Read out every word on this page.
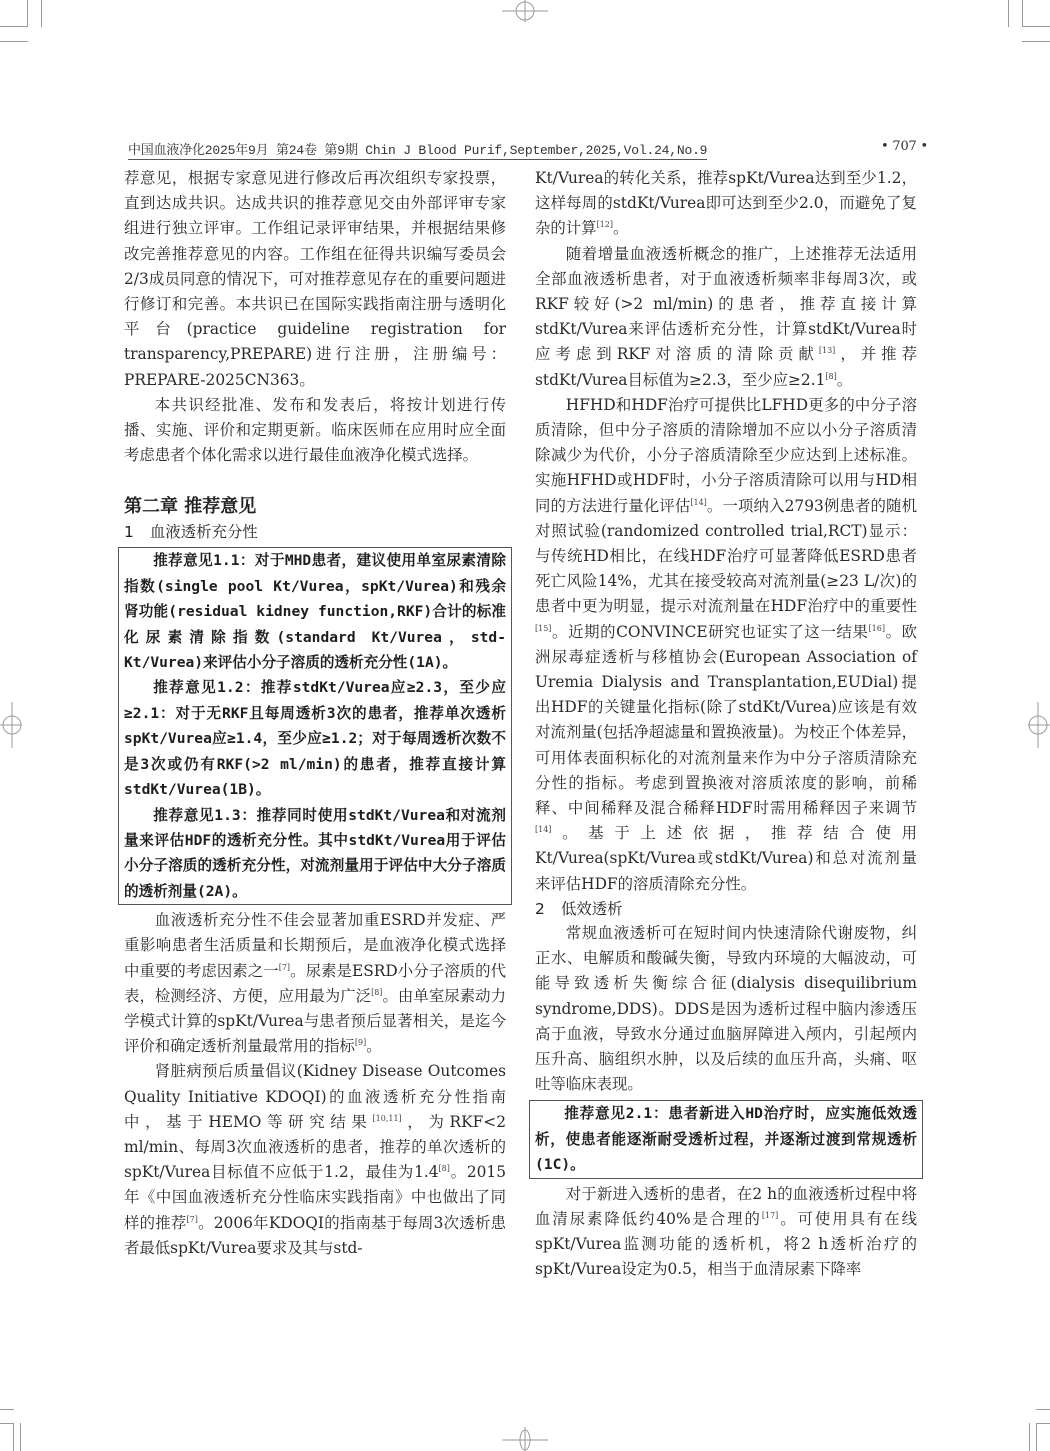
中国血液净化2025年9月 第24卷 第9期 Chin J Blood Purif,September,2025,Vol.24,No.9	• 707 •

荐意见，根据专家意见进行修改后再次组织专家投票，直到达成共识。达成共识的推荐意见交由外部评审专家组进行独立评审。工作组记录评审结果，并根据结果修改完善推荐意见的内容。工作组在征得共识编写委员会2/3成员同意的情况下，可对推荐意见存在的重要问题进行修订和完善。本共识已在国际实践指南注册与透明化平台(practice guideline registration for transparency,PREPARE)进行注册，注册编号：PREPARE-2025CN363。

本共识经批准、发布和发表后，将按计划进行传播、实施、评价和定期更新。临床医师在应用时应全面考虑患者个体化需求以进行最佳血液净化模式选择。

第二章 推荐意见
1 血液透析充分性

推荐意见1.1：对于MHD患者，建议使用单室尿素清除指数(single pool Kt/Vurea，spKt/Vurea)和残余肾功能(residual kidney function,RKF)合计的标准化尿素清除指数(standard Kt/Vurea，std-Kt/Vurea)来评估小分子溶质的透析充分性(1A)。

推荐意见1.2：推荐stdKt/Vurea应≥2.3，至少应≥2.1：对于无RKF且每周透析3次的患者，推荐单次透析spKt/Vurea应≥1.4，至少应≥1.2；对于每周透析次数不是3次或仍有RKF(>2 ml/min)的患者，推荐直接计算stdKt/Vurea(1B)。

推荐意见1.3：推荐同时使用stdKt/Vurea和对流剂量来评估HDF的透析充分性。其中stdKt/Vurea用于评估小分子溶质的透析充分性，对流剂量用于评估中大分子溶质的透析剂量(2A)。

血液透析充分性不佳会显著加重ESRD并发症、严重影响患者生活质量和长期预后，是血液净化模式选择中重要的考虑因素之一[7]。尿素是ESRD小分子溶质的代表，检测经济、方便，应用最为广泛[8]。由单室尿素动力学模式计算的spKt/Vurea与患者预后显著相关，是迄今评价和确定透析剂量最常用的指标[9]。

肾脏病预后质量倡议(Kidney Disease Outcomes Quality Initiative KDOQI)的血液透析充分性指南中，基于HEMO等研究结果[10,11]，为RKF<2 ml/min、每周3次血液透析的患者，推荐的单次透析的spKt/Vurea目标值不应低于1.2，最佳为1.4[8]。2015年《中国血液透析充分性临床实践指南》中也做出了同样的推荐[7]。2006年KDOQI的指南基于每周3次透析患者最低spKt/Vurea要求及其与std-

Kt/Vurea的转化关系，推荐spKt/Vurea达到至少1.2，这样每周的stdKt/Vurea即可达到至少2.0，而避免了复杂的计算[12]。

随着增量血液透析概念的推广，上述推荐无法适用全部血液透析患者，对于血液透析频率非每周3次，或RKF较好(>2 ml/min)的患者，推荐直接计算stdKt/Vurea来评估透析充分性，计算stdKt/Vurea时应考虑到RKF对溶质的清除贡献[13]，并推荐stdKt/Vurea目标值为≥2.3，至少应≥2.1[8]。

HFHD和HDF治疗可提供比LFHD更多的中分子溶质清除，但中分子溶质的清除增加不应以小分子溶质清除减少为代价，小分子溶质清除至少应达到上述标准。实施HFHD或HDF时，小分子溶质清除可以用与HD相同的方法进行量化评估[14]。一项纳入2793例患者的随机对照试验(randomized controlled trial,RCT)显示：与传统HD相比，在线HDF治疗可显著降低ESRD患者死亡风险14%，尤其在接受较高对流剂量(≥23 L/次)的患者中更为明显，提示对流剂量在HDF治疗中的重要性[15]。近期的CONVINCE研究也证实了这一结果[16]。欧洲尿毒症透析与移植协会(European Association of Uremia Dialysis and Transplantation,EUDial)提出HDF的关键量化指标(除了stdKt/Vurea)应该是有效对流剂量(包括净超滤量和置换液量)。为校正个体差异，可用体表面积标化的对流剂量来作为中分子溶质清除充分性的指标。考虑到置换液对溶质浓度的影响，前稀释、中间稀释及混合稀释HDF时需用稀释因子来调节[14]。基于上述依据，推荐结合使用Kt/Vurea(spKt/Vurea或stdKt/Vurea)和总对流剂量来评估HDF的溶质清除充分性。

2 低效透析

常规血液透析可在短时间内快速清除代谢废物，纠正水、电解质和酸碱失衡，导致内环境的大幅波动，可能导致透析失衡综合征(dialysis disequilibrium syndrome,DDS)。DDS是因为透析过程中脑内渗透压高于血液，导致水分通过血脑屏障进入颅内，引起颅内压升高、脑组织水肿，以及后续的血压升高，头痛、呕吐等临床表现。

推荐意见2.1：患者新进入HD治疗时，应实施低效透析，使患者能逐渐耐受透析过程，并逐渐过渡到常规透析(1C)。

对于新进入透析的患者，在2 h的血液透析过程中将血清尿素降低约40%是合理的[17]。可使用具有在线spKt/Vurea监测功能的透析机，将2 h透析治疗的spKt/Vurea设定为0.5，相当于血清尿素下降率
